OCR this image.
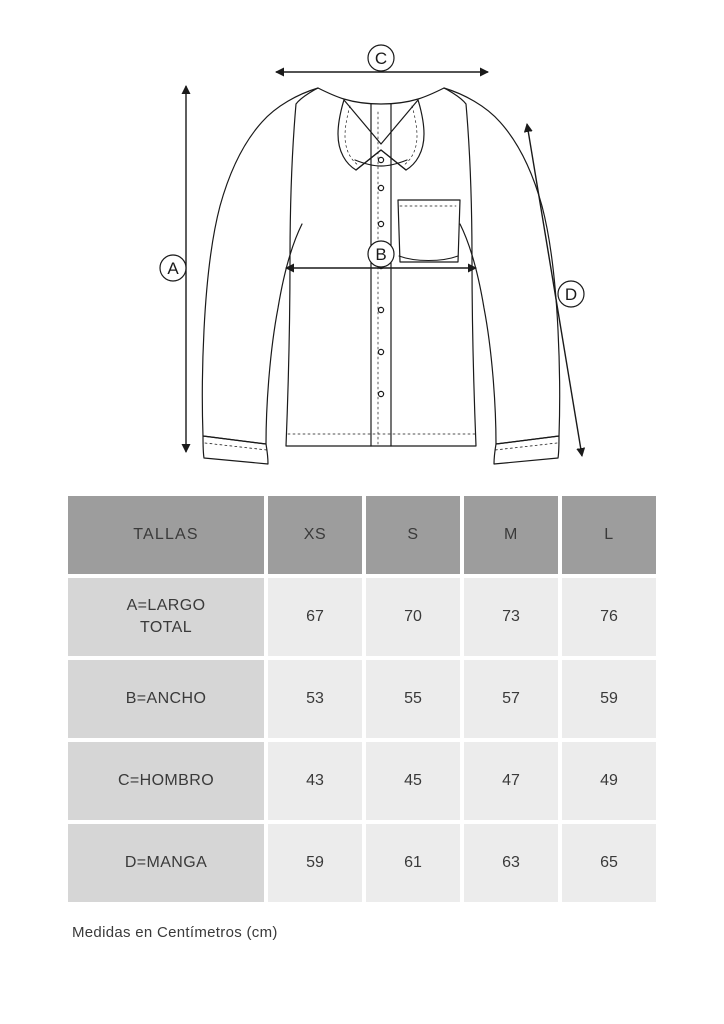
A
B
C
D
TALLAS	XS	S	M	L
A=LARGO
TOTAL	67	70	73	76
B=ANCHO	53	55	57	59
C=HOMBRO	43	45	47	49
D=MANGA	59	61	63	65
Medidas en Centímetros (cm)
